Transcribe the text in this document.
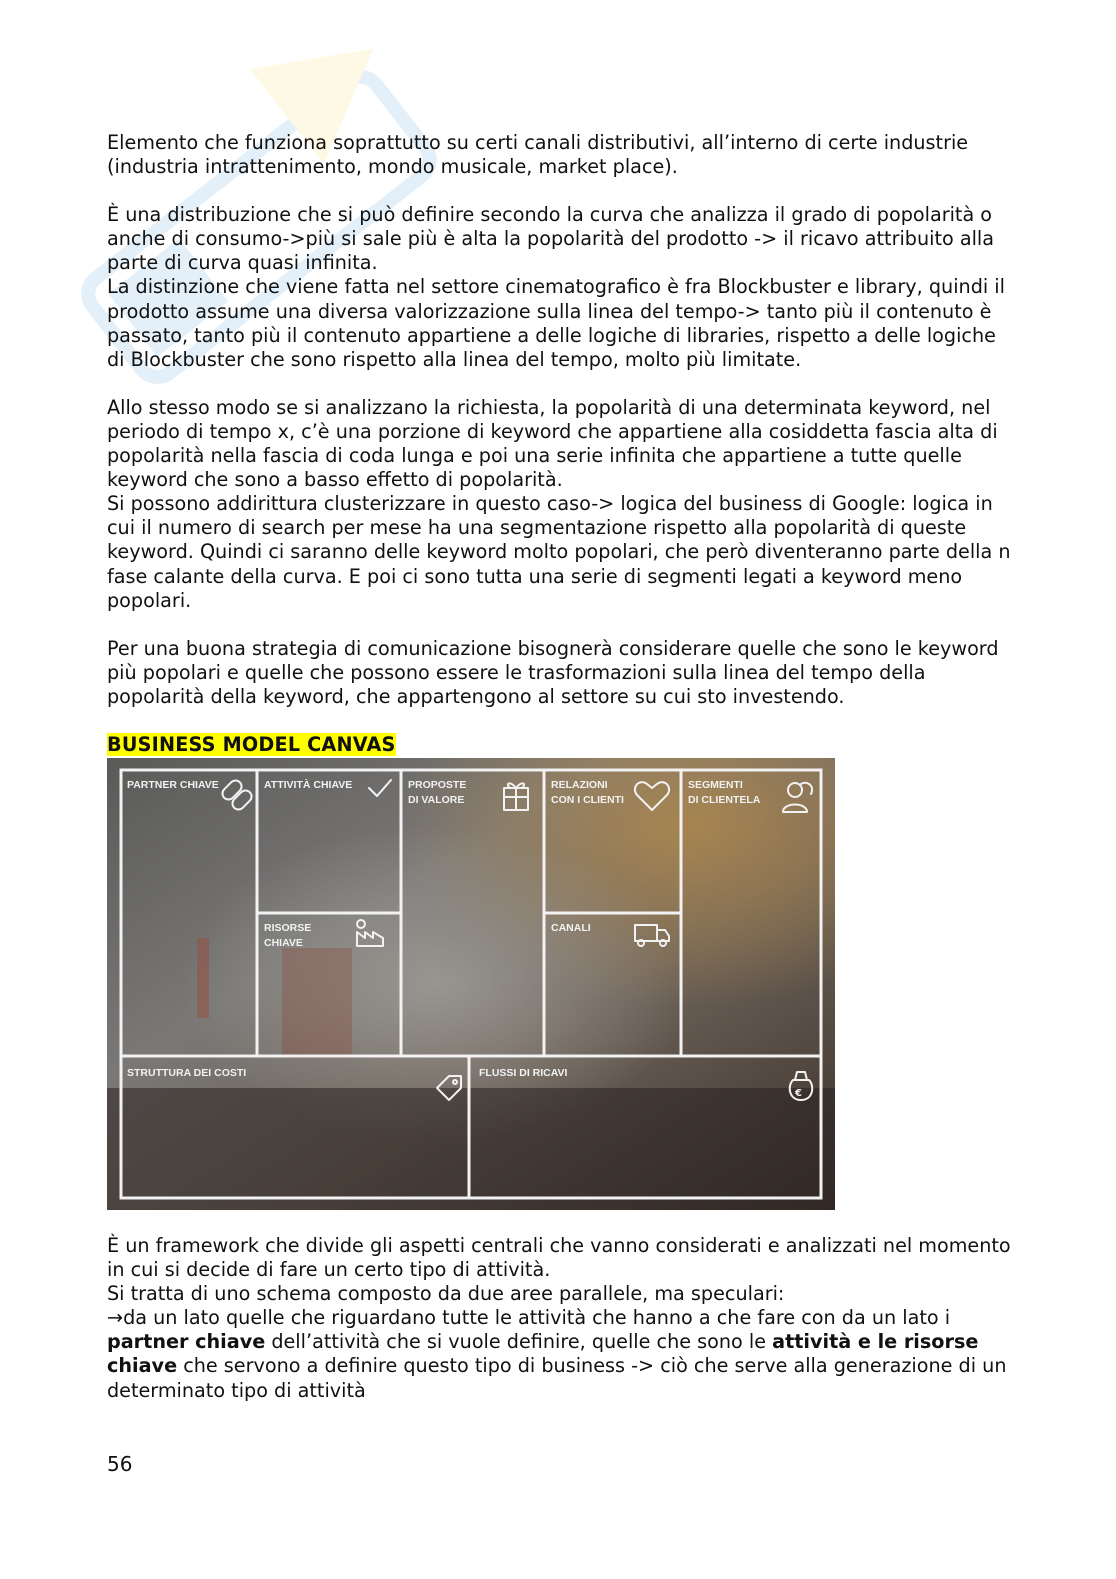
Elemento che funziona soprattutto su certi canali distributivi, all’interno di certe industrie (industria intrattenimento, mondo musicale, market place).

È una distribuzione che si può definire secondo la curva che analizza il grado di popolarità o anche di consumo->più si sale più è alta la popolarità del prodotto -> il ricavo attribuito alla parte di curva quasi infinita.

La distinzione che viene fatta nel settore cinematografico è fra Blockbuster e library, quindi il prodotto assume una diversa valorizzazione sulla linea del tempo-> tanto più il contenuto è passato, tanto più il contenuto appartiene a delle logiche di libraries, rispetto a delle logiche di Blockbuster che sono rispetto alla linea del tempo, molto più limitate.

Allo stesso modo se si analizzano la richiesta, la popolarità di una determinata keyword, nel periodo di tempo x, c’è una porzione di keyword che appartiene alla cosiddetta fascia alta di popolarità nella fascia di coda lunga e poi una serie infinita che appartiene a tutte quelle keyword che sono a basso effetto di popolarità.

Si possono addirittura clusterizzare in questo caso-> logica del business di Google: logica in cui il numero di search per mese ha una segmentazione rispetto alla popolarità di queste keyword. Quindi ci saranno delle keyword molto popolari, che però diventeranno parte della n fase calante della curva. E poi ci sono tutta una serie di segmenti legati a keyword meno popolari.

Per una buona strategia di comunicazione bisognerà considerare quelle che sono le keyword più popolari e quelle che possono essere le trasformazioni sulla linea del tempo della popolarità della keyword, che appartengono al settore su cui sto investendo.

BUSINESS MODEL CANVAS
PARTNER CHIAVE	ATTIVITÀ CHIAVE	PROPOSTE
DI VALORE
RELAZIONI
CON I CLIENTI
SEGMENTI
DI CLIENTELA
RISORSE
CHIAVE
CANALI
STRUTTURA DEI COSTI	FLUSSI DI RICAVI
€

È un framework che divide gli aspetti centrali che vanno considerati e analizzati nel momento in cui si decide di fare un certo tipo di attività.

Si tratta di uno schema composto da due aree parallele, ma speculari:

→da un lato quelle che riguardano tutte le attività che hanno a che fare con da un lato i partner chiave dell’attività che si vuole definire, quelle che sono le attività e le risorse chiave che servono a definire questo tipo di business -> ciò che serve alla generazione di un determinato tipo di attività

56
